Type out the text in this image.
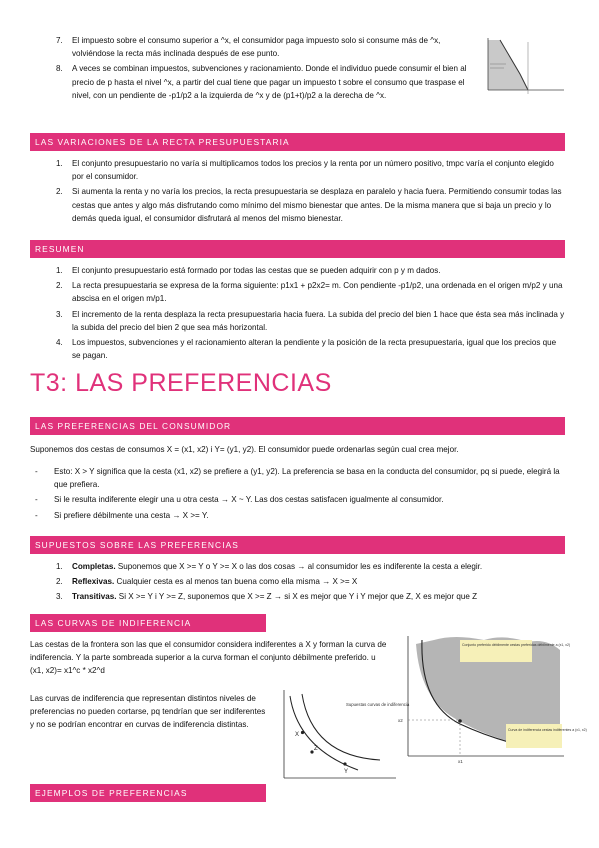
7. El impuesto sobre el consumo superior a ^x, el consumidor paga impuesto solo si consume más de ^x, volviéndose la recta más inclinada después de ese punto.
8. A veces se combinan impuestos, subvenciones y racionamiento. Donde el individuo puede consumir el bien al precio de p hasta el nivel ^x, a partir del cual tiene que pagar un impuesto t sobre el consumo que traspase el nivel, con un pendiente de -p1/p2 a la izquierda de ^x y de (p1+t)/p2 a la derecha de ^x.
LAS VARIACIONES DE LA RECTA PRESUPUESTARIA
1. El conjunto presupuestario no varía si multiplicamos todos los precios y la renta por un número positivo, tmpc varía el conjunto elegido por el consumidor.
2. Si aumenta la renta y no varía los precios, la recta presupuestaria se desplaza en paralelo y hacia fuera. Permitiendo consumir todas las cestas que antes y algo más disfrutando como mínimo del mismo bienestar que antes. De la misma manera que si baja un precio y lo demás queda igual, el consumidor disfrutará al menos del mismo bienestar.
RESUMEN
1. El conjunto presupuestario está formado por todas las cestas que se pueden adquirir con p y m dados.
2. La recta presupuestaria se expresa de la forma siguiente: p1x1 + p2x2= m. Con pendiente -p1/p2, una ordenada en el origen m/p2 y una abscisa en el origen m/p1.
3. El incremento de la renta desplaza la recta presupuestaria hacia fuera. La subida del precio del bien 1 hace que ésta sea más inclinada y la subida del precio del bien 2 que sea más horizontal.
4. Los impuestos, subvenciones y el racionamiento alteran la pendiente y la posición de la recta presupuestaria, igual que los precios que se pagan.
T3: LAS PREFERENCIAS
LAS PREFERENCIAS DEL CONSUMIDOR
Suponemos dos cestas de consumos X = (x1, x2) i Y= (y1, y2). El consumidor puede ordenarlas según cual crea mejor.
- Esto: X > Y significa que la cesta (x1, x2) se prefiere a (y1, y2). La preferencia se basa en la conducta del consumidor, pq si puede, elegirá la que prefiera.
- Si le resulta indiferente elegir una u otra cesta → X ~ Y. Las dos cestas satisfacen igualmente al consumidor.
- Si prefiere débilmente una cesta → X >= Y.
SUPUESTOS SOBRE LAS PREFERENCIAS
1. Completas. Suponemos que X >= Y o Y >= X o las dos cosas → al consumidor les es indiferente la cesta a elegir.
2. Reflexivas. Cualquier cesta es al menos tan buena como ella misma → X >= X
3. Transitivas. Si X >= Y i Y >= Z, suponemos que X >= Z → si X es mejor que Y i Y mejor que Z, X es mejor que Z
LAS CURVAS DE INDIFERENCIA
Las cestas de la frontera son las que el consumidor considera indiferentes a X y forman la curva de indiferencia. Y la parte sombreada superior a la curva forman el conjunto débilmente preferido. u (x1, x2)= x1^c * x2^d
Las curvas de indiferencia que representan distintos niveles de preferencias no pueden cortarse, pq tendrían que ser indiferentes y no se podrían encontrar en curvas de indiferencia distintas.
Supuestas curvas de indiferencia
X
Z
Y
Conjunto preferido débilmente cestas preferidas débilmente a (x1, x2)
Curva de indiferencia cestas indiferentes a (x1, x2)
x1
x2
EJEMPLOS DE PREFERENCIAS
